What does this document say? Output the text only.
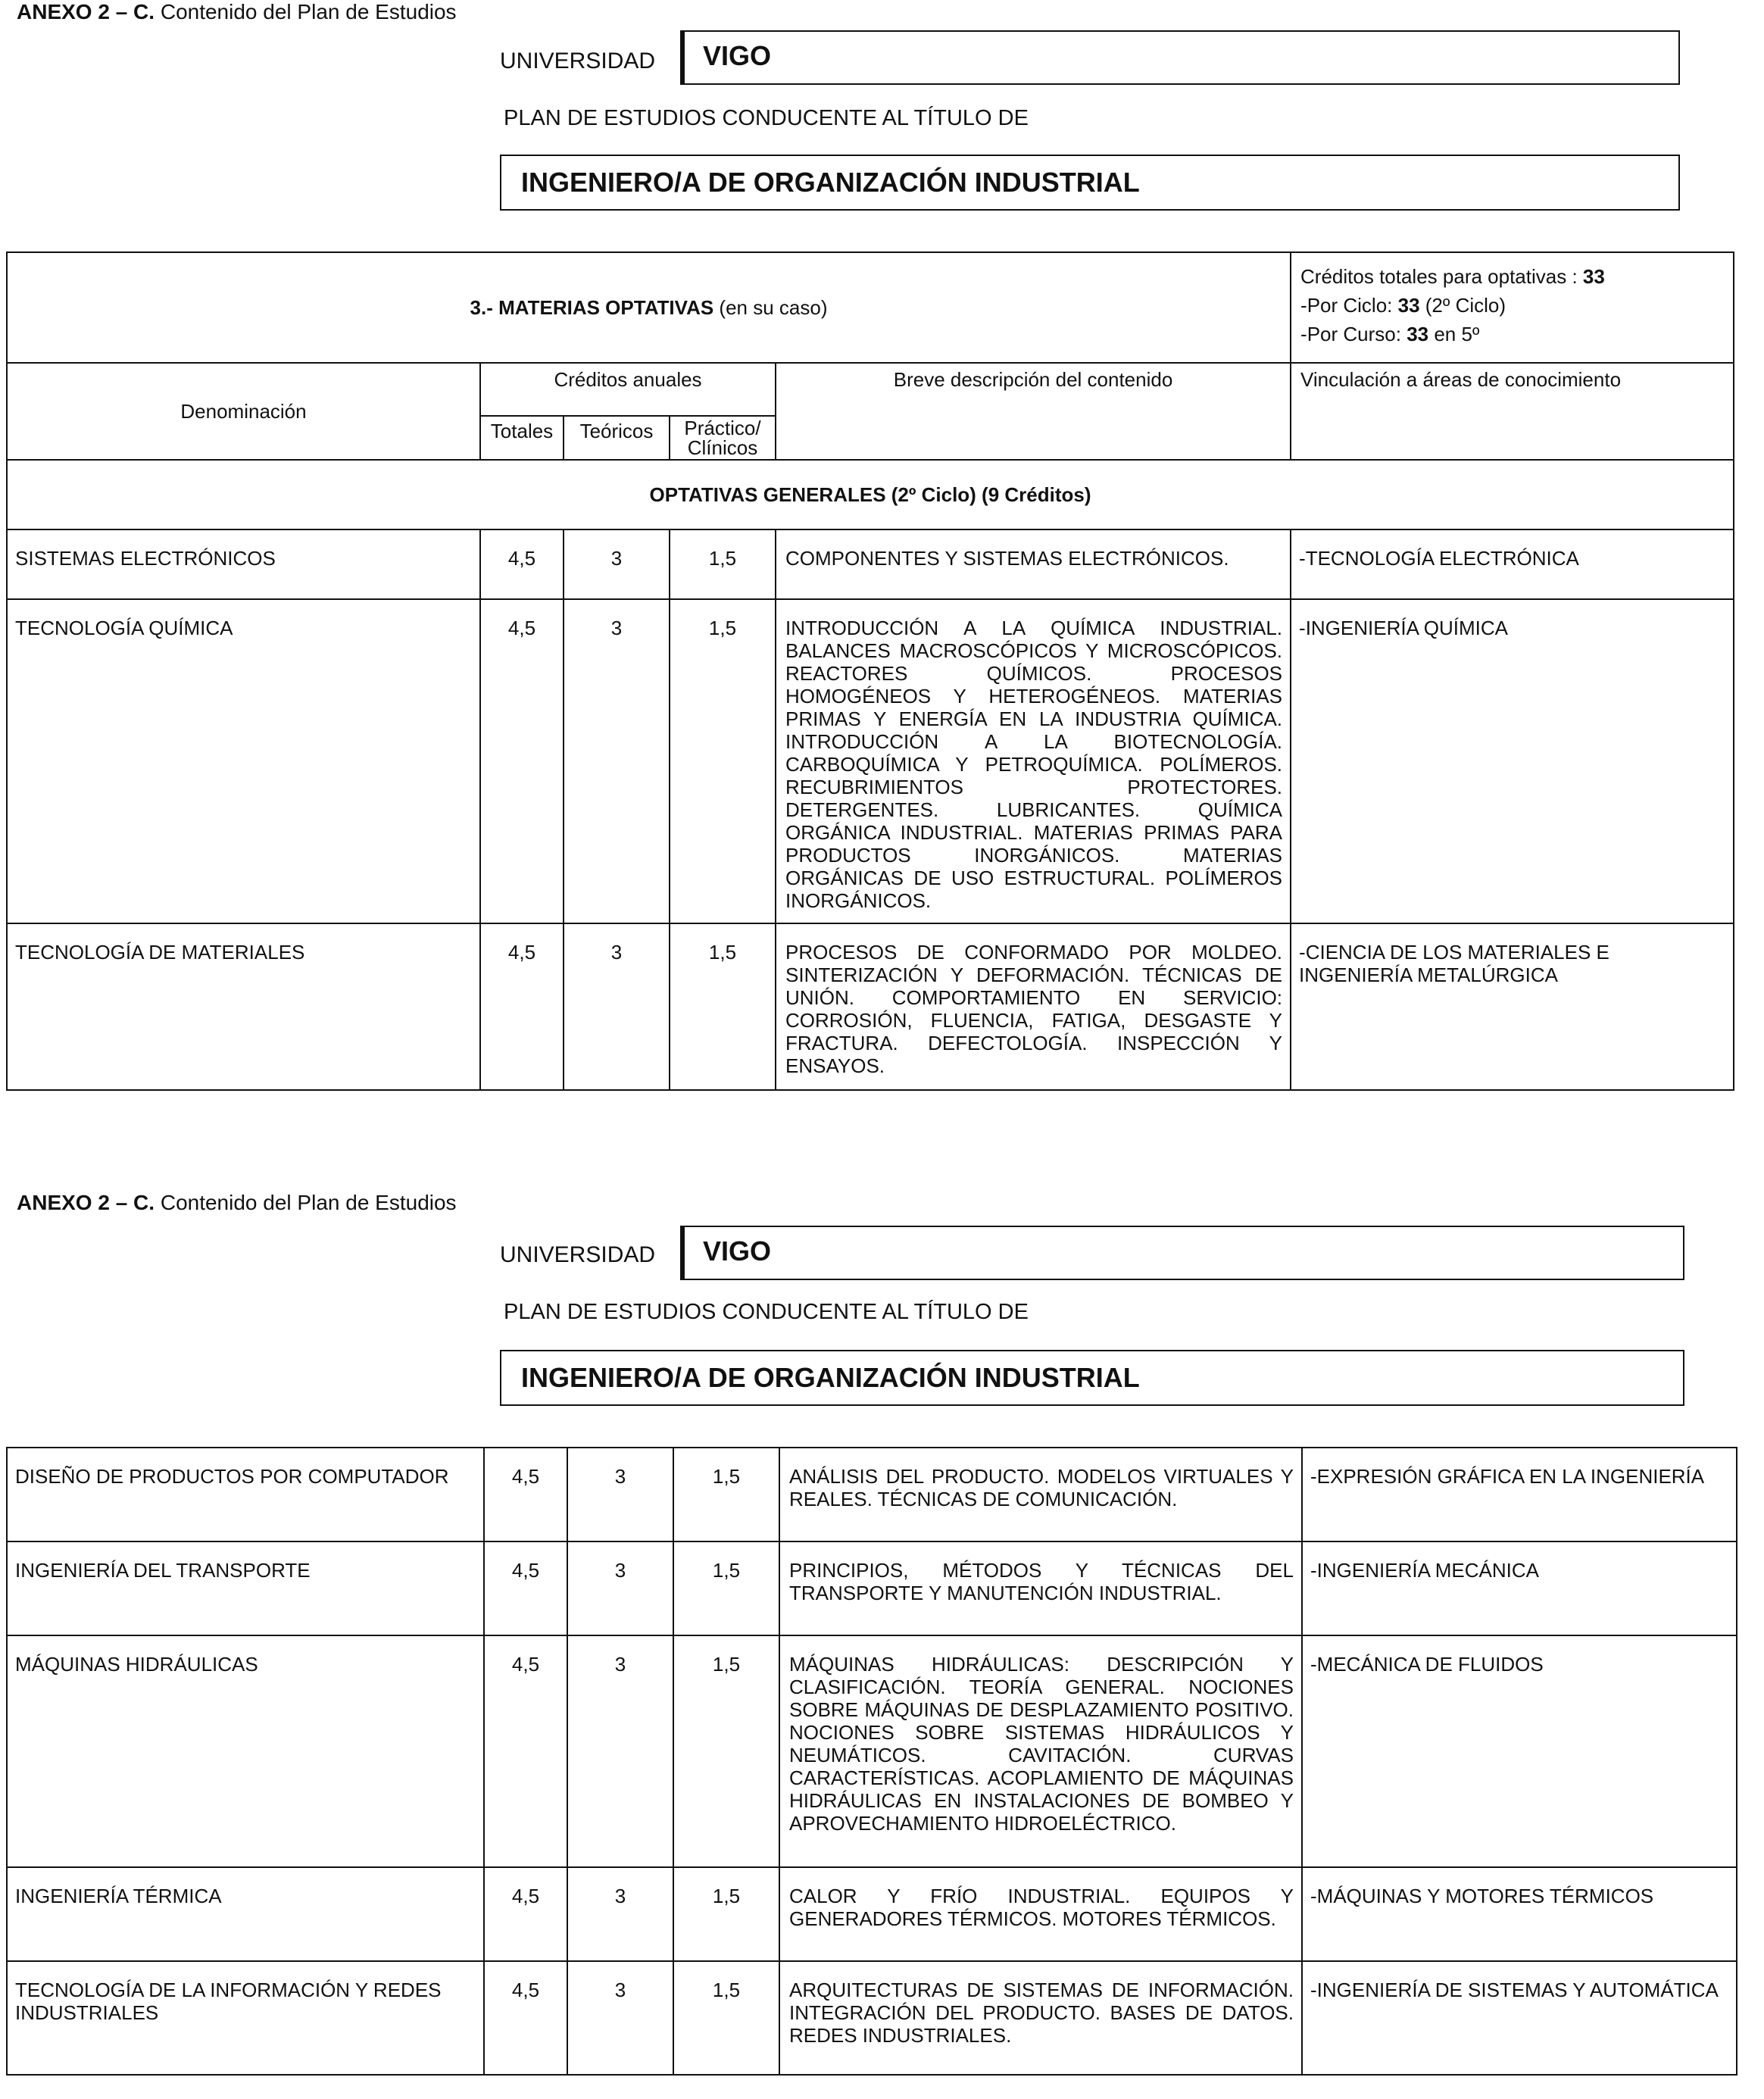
ANEXO 2 – C. Contenido del Plan de Estudios
UNIVERSIDAD	VIGO
PLAN DE ESTUDIOS CONDUCENTE AL TÍTULO DE
INGENIERO/A DE ORGANIZACIÓN INDUSTRIAL
3.- MATERIAS OPTATIVAS (en su caso)					Créditos totales para optativas : 33
-Por Ciclo: 33 (2º Ciclo)
-Por Curso: 33 en 5º

Denominación	Créditos anuales			Breve descripción del contenido	Vinculación a áreas de conocimiento
	Totales	Teóricos	Práctico/ Clínicos		
OPTATIVAS GENERALES (2º Ciclo) (9 Créditos)					
SISTEMAS ELECTRÓNICOS	4,5	3	1,5	COMPONENTES Y SISTEMAS ELECTRÓNICOS.	-TECNOLOGÍA ELECTRÓNICA
TECNOLOGÍA QUÍMICA	4,5	3	1,5	INTRODUCCIÓN A LA QUÍMICA INDUSTRIAL. BALANCES MACROSCÓPICOS Y MICROSCÓPICOS. REACTORES QUÍMICOS. PROCESOS HOMOGÉNEOS Y HETEROGÉNEOS. MATERIAS PRIMAS Y ENERGÍA EN LA INDUSTRIA QUÍMICA. INTRODUCCIÓN A LA BIOTECNOLOGÍA. CARBOQUÍMICA Y PETROQUÍMICA. POLÍMEROS. RECUBRIMIENTOS PROTECTORES. DETERGENTES. LUBRICANTES. QUÍMICA ORGÁNICA INDUSTRIAL. MATERIAS PRIMAS PARA PRODUCTOS INORGÁNICOS. MATERIAS ORGÁNICAS DE USO ESTRUCTURAL. POLÍMEROS INORGÁNICOS.	-INGENIERÍA QUÍMICA
TECNOLOGÍA DE MATERIALES	4,5	3	1,5	PROCESOS DE CONFORMADO POR MOLDEO. SINTERIZACIÓN Y DEFORMACIÓN. TÉCNICAS DE UNIÓN. COMPORTAMIENTO EN SERVICIO: CORROSIÓN, FLUENCIA, FATIGA, DESGASTE Y FRACTURA. DEFECTOLOGÍA. INSPECCIÓN Y ENSAYOS.	-CIENCIA DE LOS MATERIALES E INGENIERÍA METALÚRGICA
ANEXO 2 – C. Contenido del Plan de Estudios
UNIVERSIDAD	VIGO
PLAN DE ESTUDIOS CONDUCENTE AL TÍTULO DE
INGENIERO/A DE ORGANIZACIÓN INDUSTRIAL
DISEÑO DE PRODUCTOS POR COMPUTADOR	4,5	3	1,5	ANÁLISIS DEL PRODUCTO. MODELOS VIRTUALES Y REALES. TÉCNICAS DE COMUNICACIÓN.	-EXPRESIÓN GRÁFICA EN LA INGENIERÍA
INGENIERÍA DEL TRANSPORTE	4,5	3	1,5	PRINCIPIOS, MÉTODOS Y TÉCNICAS DEL TRANSPORTE Y MANUTENCIÓN INDUSTRIAL.	-INGENIERÍA MECÁNICA
MÁQUINAS HIDRÁULICAS	4,5	3	1,5	MÁQUINAS HIDRÁULICAS: DESCRIPCIÓN Y CLASIFICACIÓN. TEORÍA GENERAL. NOCIONES SOBRE MÁQUINAS DE DESPLAZAMIENTO POSITIVO. NOCIONES SOBRE SISTEMAS HIDRÁULICOS Y NEUMÁTICOS. CAVITACIÓN. CURVAS CARACTERÍSTICAS. ACOPLAMIENTO DE MÁQUINAS HIDRÁULICAS EN INSTALACIONES DE BOMBEO Y APROVECHAMIENTO HIDROELÉCTRICO.	-MECÁNICA DE FLUIDOS
INGENIERÍA TÉRMICA	4,5	3	1,5	CALOR Y FRÍO INDUSTRIAL. EQUIPOS Y GENERADORES TÉRMICOS. MOTORES TÉRMICOS.	-MÁQUINAS Y MOTORES TÉRMICOS
TECNOLOGÍA DE LA INFORMACIÓN Y REDES INDUSTRIALES	4,5	3	1,5	ARQUITECTURAS DE SISTEMAS DE INFORMACIÓN. INTEGRACIÓN DEL PRODUCTO. BASES DE DATOS. REDES INDUSTRIALES.	-INGENIERÍA DE SISTEMAS Y AUTOMÁTICA
